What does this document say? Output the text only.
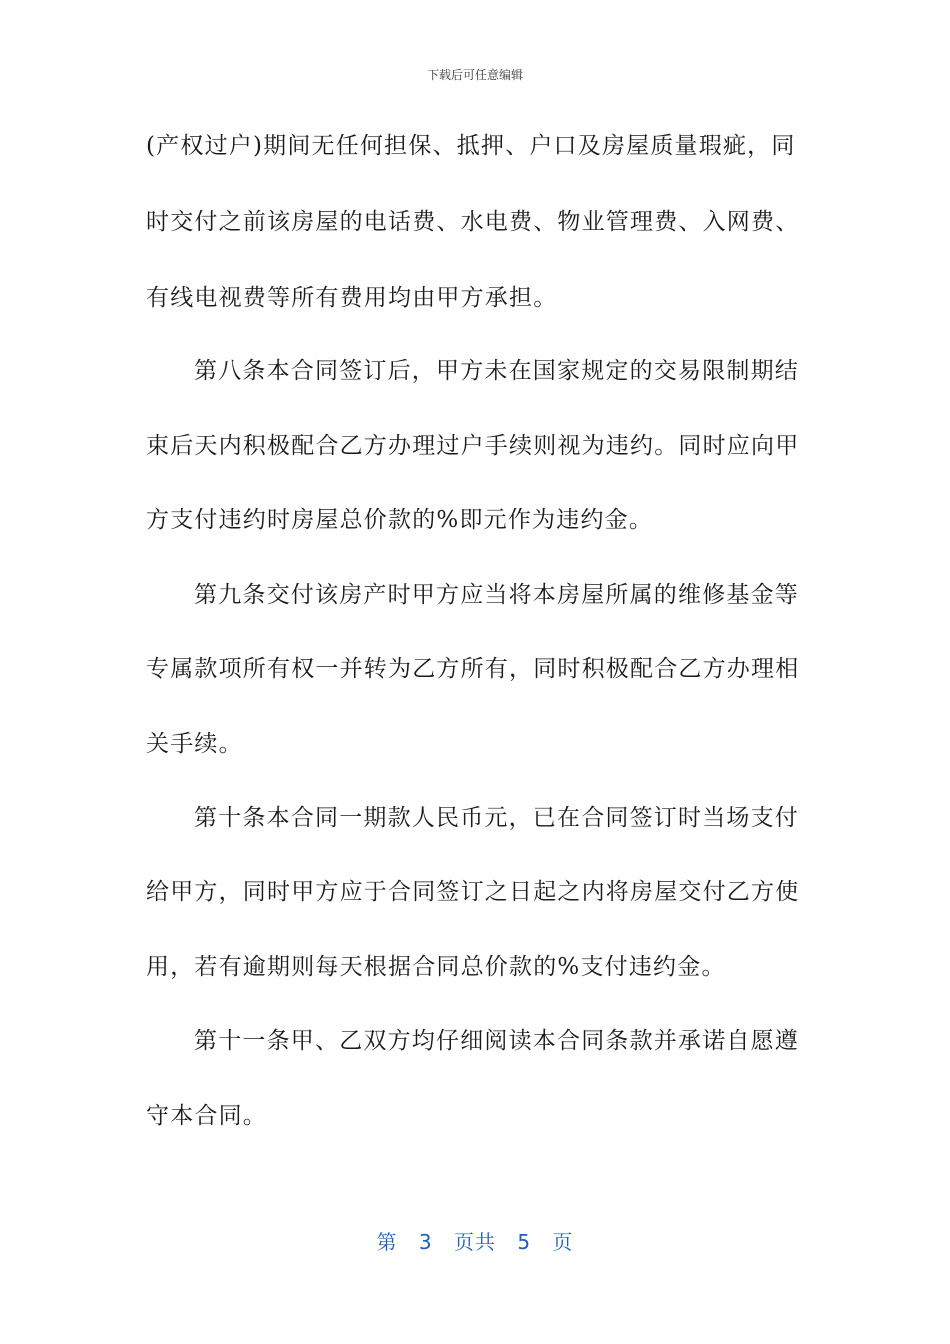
下载后可任意编辑
(产权过户)期间无任何担保、抵押、户口及房屋质量瑕疵，同
时交付之前该房屋的电话费、水电费、物业管理费、入网费、
有线电视费等所有费用均由甲方承担。
第八条本合同签订后，甲方未在国家规定的交易限制期结
束后天内积极配合乙方办理过户手续则视为违约。同时应向甲
方支付违约时房屋总价款的%即元作为违约金。
第九条交付该房产时甲方应当将本房屋所属的维修基金等
专属款项所有权一并转为乙方所有，同时积极配合乙方办理相
关手续。
第十条本合同一期款人民币元，已在合同签订时当场支付
给甲方，同时甲方应于合同签订之日起之内将房屋交付乙方使
用，若有逾期则每天根据合同总价款的%支付违约金。
第十一条甲、乙双方均仔细阅读本合同条款并承诺自愿遵
守本合同。
第 3 页共 5 页
